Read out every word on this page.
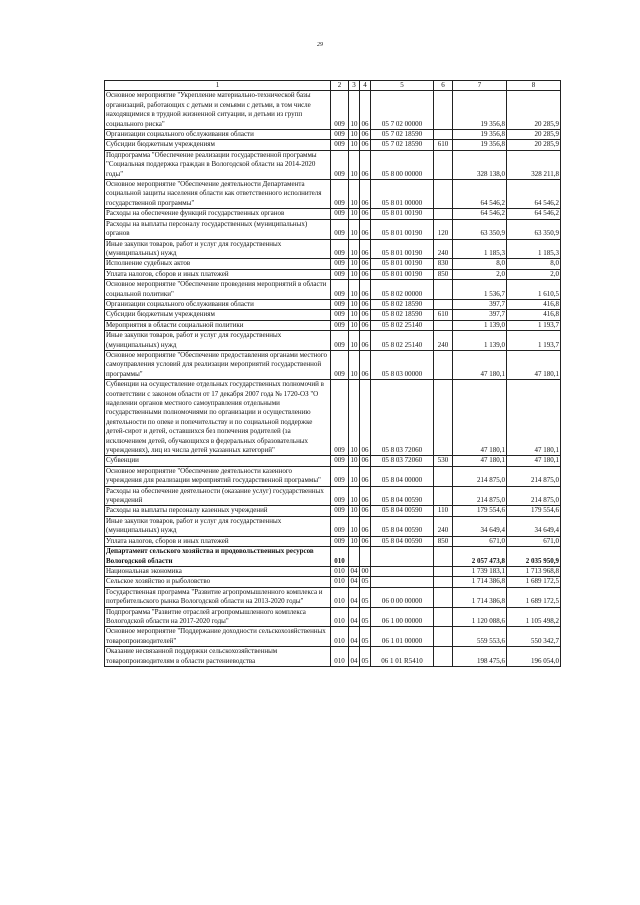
29
1	2	3	4	5	6	7	8
Основное мероприятие "Укрепление материально-технической базы организаций, работающих с детьми и семьями с детьми, в том числе находящимися в трудной жизненной ситуации, и детьми из групп социального риска"	009	10	06	05 7 02 00000		19 356,8	20 285,9
Организации социального обслуживания области	009	10	06	05 7 02 18590		19 356,8	20 285,9
Субсидии бюджетным учреждениям	009	10	06	05 7 02 18590	610	19 356,8	20 285,9
Подпрограмма "Обеспечение реализации государственной программы "Социальная поддержка граждан в Вологодской области на 2014-2020 годы"	009	10	06	05 8 00 00000		328 138,0	328 211,8
Основное мероприятие "Обеспечение деятельности Департамента социальной защиты населения области как ответственного исполнителя государственной программы"	009	10	06	05 8 01 00000		64 546,2	64 546,2
Расходы на обеспечение функций государственных органов	009	10	06	05 8 01 00190		64 546,2	64 546,2
Расходы на выплаты персоналу государственных (муниципальных) органов	009	10	06	05 8 01 00190	120	63 350,9	63 350,9
Иные закупки товаров, работ и услуг для государственных (муниципальных) нужд	009	10	06	05 8 01 00190	240	1 185,3	1 185,3
Исполнение судебных актов	009	10	06	05 8 01 00190	830	8,0	8,0
Уплата налогов, сборов и иных платежей	009	10	06	05 8 01 00190	850	2,0	2,0
Основное мероприятие "Обеспечение проведения мероприятий в области социальной политики"	009	10	06	05 8 02 00000		1 536,7	1 610,5
Организации социального обслуживания области	009	10	06	05 8 02 18590		397,7	416,8
Субсидии бюджетным учреждениям	009	10	06	05 8 02 18590	610	397,7	416,8
Мероприятия в области социальной политики	009	10	06	05 8 02 25140		1 139,0	1 193,7
Иные закупки товаров, работ и услуг для государственных (муниципальных) нужд	009	10	06	05 8 02 25140	240	1 139,0	1 193,7
Основное мероприятие "Обеспечение предоставления органами местного самоуправления условий для реализации мероприятий государственной программы"	009	10	06	05 8 03 00000		47 180,1	47 180,1
Субвенции на осуществление отдельных государственных полномочий в соответствии с законом области от 17 декабря 2007 года № 1720-ОЗ "О наделении органов местного самоуправления отдельными государственными полномочиями по организации и осуществлению деятельности по опеке и попечительству и по социальной поддержке детей-сирот и детей, оставшихся без попечения родителей (за исключением детей, обучающихся в федеральных образовательных учреждениях), лиц из числа детей указанных категорий"	009	10	06	05 8 03 72060		47 180,1	47 180,1
Субвенции	009	10	06	05 8 03 72060	530	47 180,1	47 180,1
Основное мероприятие "Обеспечение деятельности казенного учреждения для реализации мероприятий государственной программы"	009	10	06	05 8 04 00000		214 875,0	214 875,0
Расходы на обеспечение деятельности (оказание услуг) государственных учреждений	009	10	06	05 8 04 00590		214 875,0	214 875,0
Расходы на выплаты персоналу казенных учреждений	009	10	06	05 8 04 00590	110	179 554,6	179 554,6
Иные закупки товаров, работ и услуг для государственных (муниципальных) нужд	009	10	06	05 8 04 00590	240	34 649,4	34 649,4
Уплата налогов, сборов и иных платежей	009	10	06	05 8 04 00590	850	671,0	671,0
Департамент сельского хозяйства и продовольственных ресурсов Вологодской области	010					2 057 473,8	2 035 950,9
Национальная экономика	010	04	00			1 739 183,1	1 713 968,8
Сельское хозяйство и рыболовство	010	04	05			1 714 386,8	1 689 172,5
Государственная программа "Развитие агропромышленного комплекса и потребительского рынка Вологодской области на 2013-2020 годы"	010	04	05	06 0 00 00000		1 714 386,8	1 689 172,5
Подпрограмма "Развитие отраслей агропромышленного комплекса Вологодской области на 2017-2020 годы"	010	04	05	06 1 00 00000		1 120 088,6	1 105 498,2
Основное мероприятие "Поддержание доходности сельскохозяйственных товаропроизводителей"	010	04	05	06 1 01 00000		559 553,6	550 342,7
Оказание несвязанной поддержки сельскохозяйственным товаропроизводителям в области растениеводства	010	04	05	06 1 01 R5410		198 475,6	196 054,0
